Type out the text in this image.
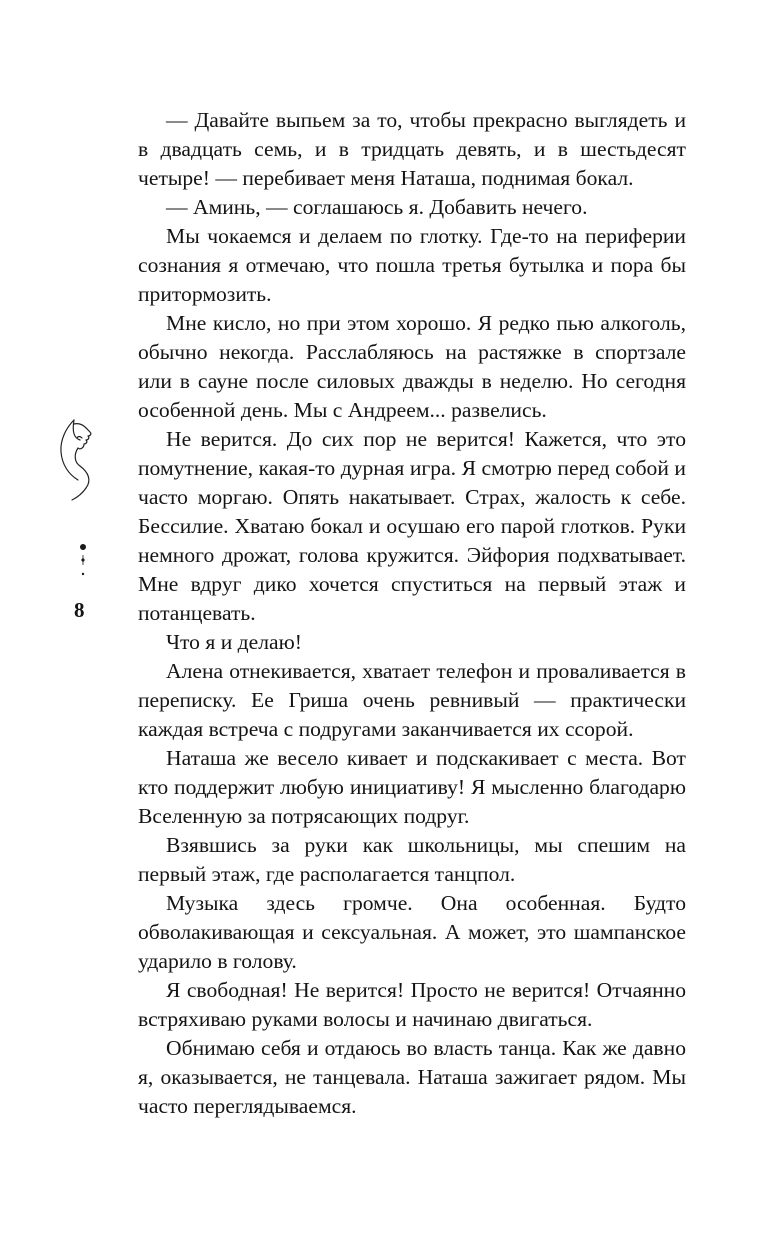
8

— Давайте выпьем за то, чтобы прекрасно выглядеть и в двадцать семь, и в тридцать девять, и в шестьдесят четыре! — перебивает меня Наташа, поднимая бокал.

— Аминь, — соглашаюсь я. Добавить нечего.

Мы чокаемся и делаем по глотку. Где-то на периферии сознания я отмечаю, что пошла третья бутылка и пора бы притормозить.

Мне кисло, но при этом хорошо. Я редко пью алкоголь, обычно некогда. Расслабляюсь на растяжке в спортзале или в сауне после силовых дважды в неделю. Но сегодня особенной день. Мы с Андреем... развелись.

Не верится. До сих пор не верится! Кажется, что это помутнение, какая-то дурная игра. Я смотрю перед собой и часто моргаю. Опять накатывает. Страх, жалость к себе. Бессилие. Хватаю бокал и осушаю его парой глотков. Руки немного дрожат, голова кружится. Эйфория подхватывает. Мне вдруг дико хочется спуститься на первый этаж и потанцевать.

Что я и делаю!

Алена отнекивается, хватает телефон и проваливается в переписку. Ее Гриша очень ревнивый — практически каждая встреча с подругами заканчивается их ссорой.

Наташа же весело кивает и подскакивает с места. Вот кто поддержит любую инициативу! Я мысленно благодарю Вселенную за потрясающих подруг.

Взявшись за руки как школьницы, мы спешим на первый этаж, где располагается танцпол.

Музыка здесь громче. Она особенная. Будто обволакивающая и сексуальная. А может, это шампанское ударило в голову.

Я свободная! Не верится! Просто не верится! Отчаянно встряхиваю руками волосы и начинаю двигаться.

Обнимаю себя и отдаюсь во власть танца. Как же давно я, оказывается, не танцевала. Наташа зажигает рядом. Мы часто переглядываемся.
